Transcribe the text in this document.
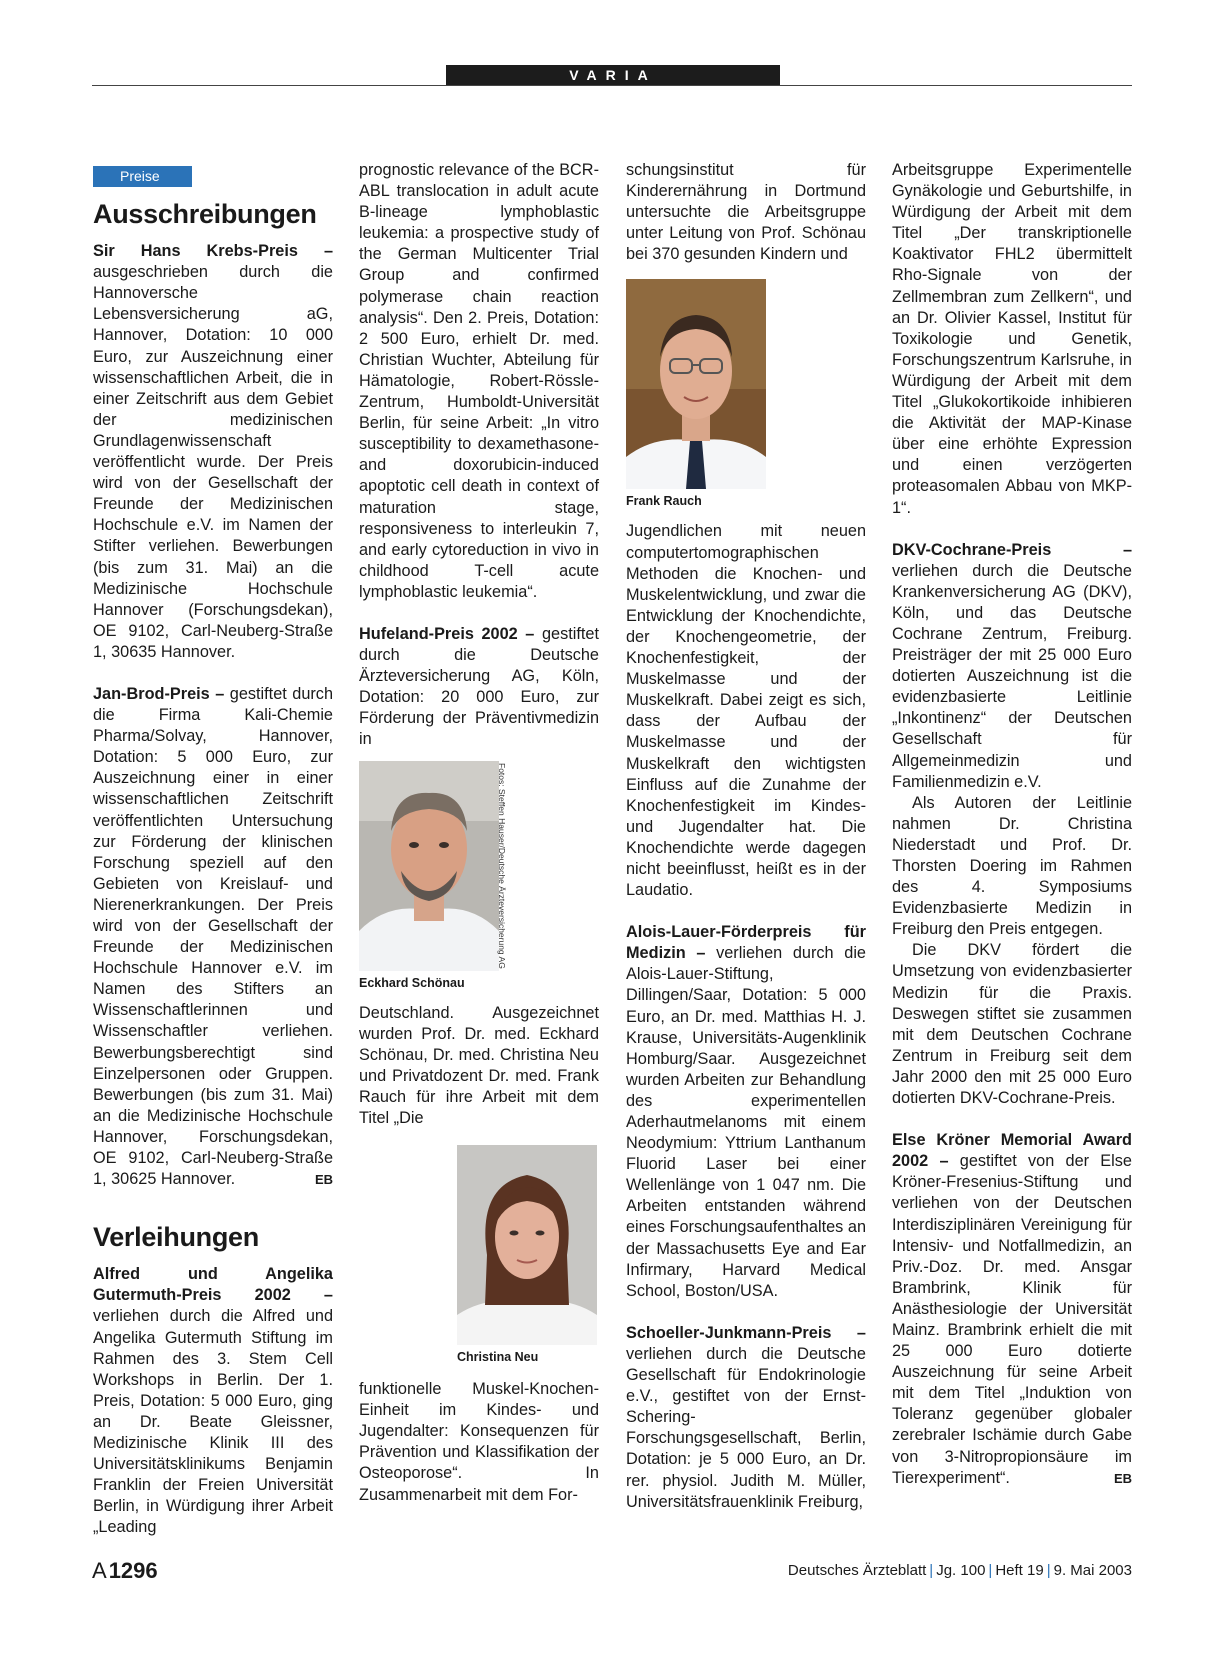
VARIA
Preise
Ausschreibungen

Sir Hans Krebs-Preis – ausgeschrieben durch die Hannoversche Lebensversicherung aG, Hannover, Dotation: 10 000 Euro, zur Auszeichnung einer wissenschaftlichen Arbeit, die in einer Zeitschrift aus dem Gebiet der medizinischen Grundlagenwissenschaft veröffentlicht wurde. Der Preis wird von der Gesellschaft der Freunde der Medizinischen Hochschule e.V. im Namen der Stifter verliehen. Bewerbungen (bis zum 31. Mai) an die Medizinische Hochschule Hannover (Forschungsdekan), OE 9102, Carl-Neuberg-Straße 1, 30635 Hannover.

Jan-Brod-Preis – gestiftet durch die Firma Kali-Chemie Pharma/Solvay, Hannover, Dotation: 5 000 Euro, zur Auszeichnung einer in einer wissenschaftlichen Zeitschrift veröffentlichten Untersuchung zur Förderung der klinischen Forschung speziell auf den Gebieten von Kreislauf- und Nierenerkrankungen. Der Preis wird von der Gesellschaft der Freunde der Medizinischen Hochschule Hannover e.V. im Namen des Stifters an Wissenschaftlerinnen und Wissenschaftler verliehen. Bewerbungsberechtigt sind Einzelpersonen oder Gruppen. Bewerbungen (bis zum 31. Mai) an die Medizinische Hochschule Hannover, Forschungsdekan, OE 9102, Carl-Neuberg-Straße 1, 30625 Hannover.	EB

Verleihungen

Alfred und Angelika Gutermuth-Preis 2002 – verliehen durch die Alfred und Angelika Gutermuth Stiftung im Rahmen des 3. Stem Cell Workshops in Berlin. Der 1. Preis, Dotation: 5 000 Euro, ging an Dr. Beate Gleissner, Medizinische Klinik III des Universitätsklinikums Benjamin Franklin der Freien Universität Berlin, in Würdigung ihrer Arbeit „Leading

prognostic relevance of the BCR-ABL translocation in adult acute B-lineage lymphoblastic leukemia: a prospective study of the German Multicenter Trial Group and confirmed polymerase chain reaction analysis“. Den 2. Preis, Dotation: 2 500 Euro, erhielt Dr. med. Christian Wuchter, Abteilung für Hämatologie, Robert-Rössle-Zentrum, Humboldt-Universität Berlin, für seine Arbeit: „In vitro susceptibility to dexamethasone- and doxorubicin-induced apoptotic cell death in context of maturation stage, responsiveness to interleukin 7, and early cytoreduction in vivo in childhood T-cell acute lymphoblastic leukemia“.

Hufeland-Preis 2002 – gestiftet durch die Deutsche Ärzteversicherung AG, Köln, Dotation: 20 000 Euro, zur Förderung der Präventivmedizin in

Fotos: Steffen Hauser/Deutsche Ärzteversicherung AG
Eckhard Schönau

Deutschland. Ausgezeichnet wurden Prof. Dr. med. Eckhard Schönau, Dr. med. Christina Neu und Privatdozent Dr. med. Frank Rauch für ihre Arbeit mit dem Titel „Die

Christina Neu

funktionelle Muskel-Knochen-Einheit im Kindes- und Jugendalter: Konsequenzen für Prävention und Klassifikation der Osteoporose“. In Zusammenarbeit mit dem For-

schungsinstitut für Kinderernährung in Dortmund untersuchte die Arbeitsgruppe unter Leitung von Prof. Schönau bei 370 gesunden Kindern und

Frank Rauch

Jugendlichen mit neuen computertomographischen Methoden die Knochen- und Muskelentwicklung, und zwar die Entwicklung der Knochendichte, der Knochengeometrie, der Knochenfestigkeit, der Muskelmasse und der Muskelkraft. Dabei zeigt es sich, dass der Aufbau der Muskelmasse und der Muskelkraft den wichtigsten Einfluss auf die Zunahme der Knochenfestigkeit im Kindes- und Jugendalter hat. Die Knochendichte werde dagegen nicht beeinflusst, heißt es in der Laudatio.

Alois-Lauer-Förderpreis für Medizin – verliehen durch die Alois-Lauer-Stiftung, Dillingen/Saar, Dotation: 5 000 Euro, an Dr. med. Matthias H. J. Krause, Universitäts-Augenklinik Homburg/Saar. Ausgezeichnet wurden Arbeiten zur Behandlung des experimentellen Aderhautmelanoms mit einem Neodymium: Yttrium Lanthanum Fluorid Laser bei einer Wellenlänge von 1 047 nm. Die Arbeiten entstanden während eines Forschungsaufenthaltes an der Massachusetts Eye and Ear Infirmary, Harvard Medical School, Boston/USA.

Schoeller-Junkmann-Preis – verliehen durch die Deutsche Gesellschaft für Endokrinologie e.V., gestiftet von der Ernst-Schering-Forschungsgesellschaft, Berlin, Dotation: je 5 000 Euro, an Dr. rer. physiol. Judith M. Müller, Universitätsfrauenklinik Freiburg,

Arbeitsgruppe Experimentelle Gynäkologie und Geburtshilfe, in Würdigung der Arbeit mit dem Titel „Der transkriptionelle Koaktivator FHL2 übermittelt Rho-Signale von der Zellmembran zum Zellkern“, und an Dr. Olivier Kassel, Institut für Toxikologie und Genetik, Forschungszentrum Karlsruhe, in Würdigung der Arbeit mit dem Titel „Glukokortikoide inhibieren die Aktivität der MAP-Kinase über eine erhöhte Expression und einen verzögerten proteasomalen Abbau von MKP-1“.

DKV-Cochrane-Preis – verliehen durch die Deutsche Krankenversicherung AG (DKV), Köln, und das Deutsche Cochrane Zentrum, Freiburg. Preisträger der mit 25 000 Euro dotierten Auszeichnung ist die evidenzbasierte Leitlinie „Inkontinenz“ der Deutschen Gesellschaft für Allgemeinmedizin und Familienmedizin e.V.

Als Autoren der Leitlinie nahmen Dr. Christina Niederstadt und Prof. Dr. Thorsten Doering im Rahmen des 4. Symposiums Evidenzbasierte Medizin in Freiburg den Preis entgegen.

Die DKV fördert die Umsetzung von evidenzbasierter Medizin für die Praxis. Deswegen stiftet sie zusammen mit dem Deutschen Cochrane Zentrum in Freiburg seit dem Jahr 2000 den mit 25 000 Euro dotierten DKV-Cochrane-Preis.

Else Kröner Memorial Award 2002 – gestiftet von der Else Kröner-Fresenius-Stiftung und verliehen von der Deutschen Interdisziplinären Vereinigung für Intensiv- und Notfallmedizin, an Priv.-Doz. Dr. med. Ansgar Brambrink, Klinik für Anästhesiologie der Universität Mainz. Brambrink erhielt die mit 25 000 Euro dotierte Auszeichnung für seine Arbeit mit dem Titel „Induktion von Toleranz gegenüber globaler zerebraler Ischämie durch Gabe von 3-Nitropropionsäure im Tierexperiment“.	EB

A1296	Deutsches Ärzteblatt | Jg. 100 | Heft 19 | 9. Mai 2003
